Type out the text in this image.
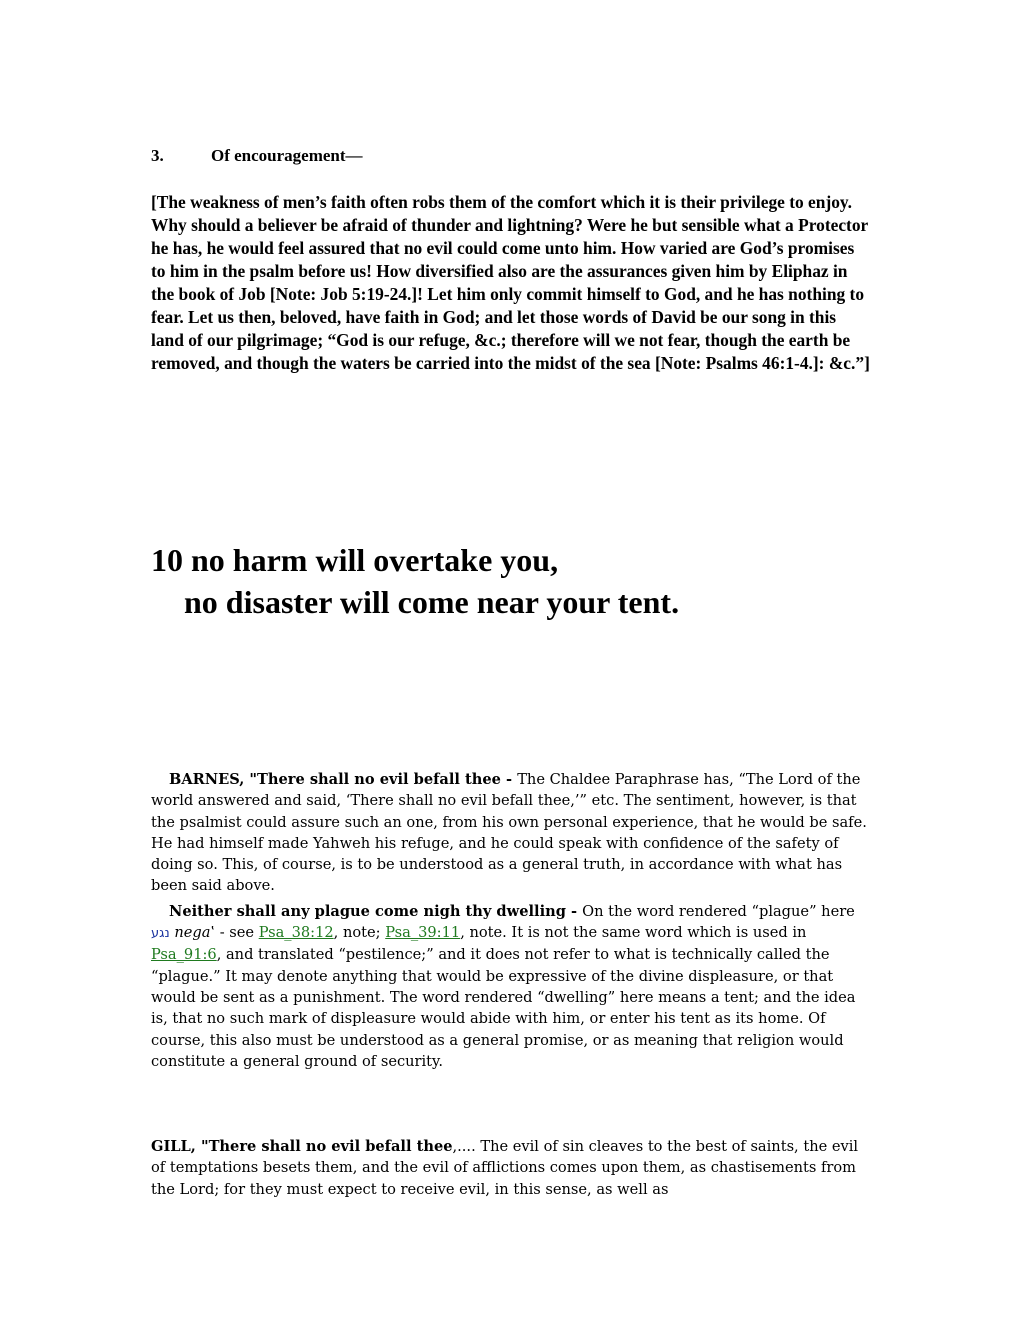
3.	Of encouragement—
[The weakness of men’s faith often robs them of the comfort which it is their privilege to enjoy. Why should a believer be afraid of thunder and lightning? Were he but sensible what a Protector he has, he would feel assured that no evil could come unto him. How varied are God’s promises to him in the psalm before us! How diversified also are the assurances given him by Eliphaz in the book of Job [Note: Job 5:19-24.]! Let him only commit himself to God, and he has nothing to fear. Let us then, beloved, have faith in God; and let those words of David be our song in this land of our pilgrimage; “God is our refuge, &c.; therefore will we not fear, though the earth be removed, and though the waters be carried into the midst of the sea [Note: Psalms 46:1-4.]: &c.”]
10 no harm will overtake you,
no disaster will come near your tent.

BARNES, "There shall no evil befall thee - The Chaldee Paraphrase has, “The Lord of the world answered and said, ‘There shall no evil befall thee,’” etc. The sentiment, however, is that the psalmist could assure such an one, from his own personal experience, that he would be safe. He had himself made Yahweh his refuge, and he could speak with confidence of the safety of doing so. This, of course, is to be understood as a general truth, in accordance with what has been said above.

Neither shall any plague come nigh thy dwelling - On the word rendered “plague” here נגע nega‛ - see Psa_38:12, note; Psa_39:11, note. It is not the same word which is used in Psa_91:6, and translated “pestilence;” and it does not refer to what is technically called the “plague.” It may denote anything that would be expressive of the divine displeasure, or that would be sent as a punishment. The word rendered “dwelling” here means a tent; and the idea is, that no such mark of displeasure would abide with him, or enter his tent as its home. Of course, this also must be understood as a general promise, or as meaning that religion would constitute a general ground of security.

GILL, "There shall no evil befall thee,.... The evil of sin cleaves to the best of saints, the evil of temptations besets them, and the evil of afflictions comes upon them, as chastisements from the Lord; for they must expect to receive evil, in this sense, as well as
